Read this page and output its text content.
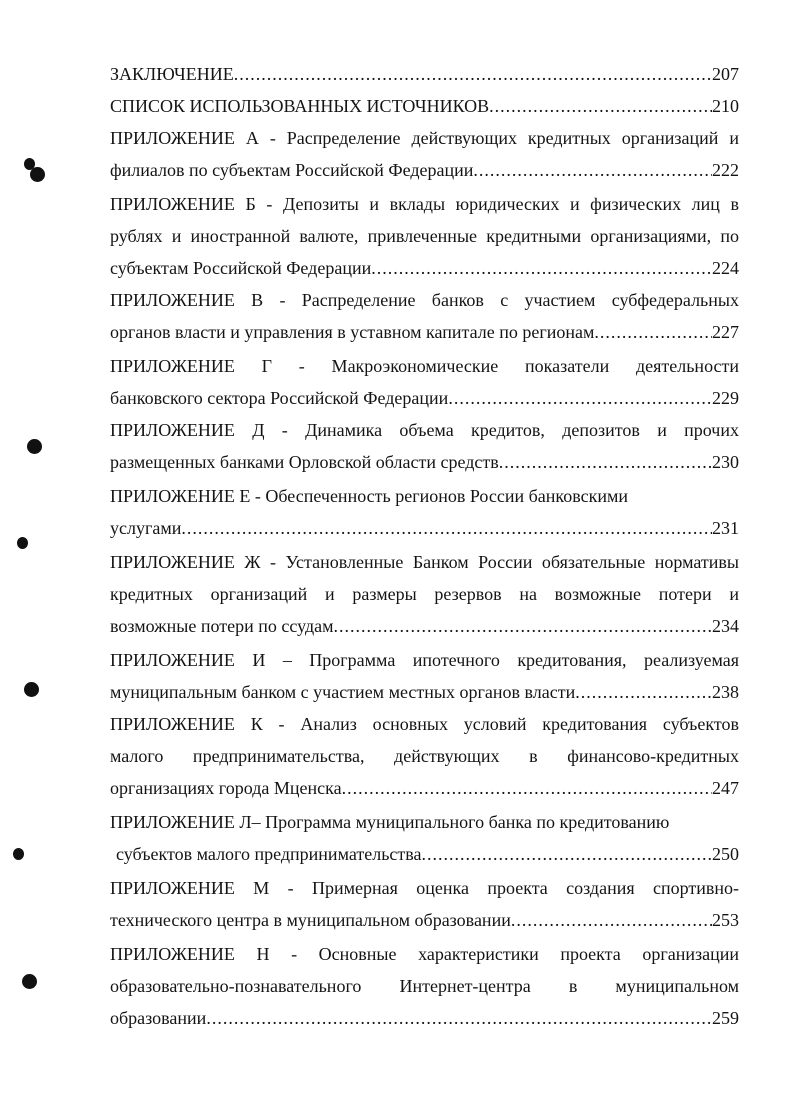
ЗАКЛЮЧЕНИЕ .....	207
СПИСОК ИСПОЛЬЗОВАННЫХ ИСТОЧНИКОВ .....	210
ПРИЛОЖЕНИЕ А - Распределение действующих кредитных организаций и
филиалов по субъектам Российской Федерации .....	222
ПРИЛОЖЕНИЕ Б - Депозиты и вклады юридических и физических лиц в
рублях и иностранной валюте, привлеченные кредитными организациями, по
субъектам Российской Федерации .....	224
ПРИЛОЖЕНИЕ В - Распределение банков с участием субфедеральных
органов власти и управления в уставном капитале по регионам .....	227
ПРИЛОЖЕНИЕ Г - Макроэкономические показатели деятельности
банковского сектора Российской Федерации .....	229
ПРИЛОЖЕНИЕ Д - Динамика объема кредитов, депозитов и прочих
размещенных банками Орловской области средств .....	230
ПРИЛОЖЕНИЕ Е - Обеспеченность регионов России банковскими
услугами .....	231
ПРИЛОЖЕНИЕ Ж - Установленные Банком России обязательные нормативы
кредитных организаций и размеры резервов на возможные потери и
возможные потери по ссудам .....	234
ПРИЛОЖЕНИЕ И – Программа ипотечного кредитования, реализуемая
муниципальным банком с участием местных органов власти .....	238
ПРИЛОЖЕНИЕ К - Анализ основных условий кредитования субъектов
малого предпринимательства, действующих в финансово-кредитных
организациях города Мценска .....	247
ПРИЛОЖЕНИЕ Л– Программа муниципального банка по кредитованию
субъектов малого предпринимательства .....	250
ПРИЛОЖЕНИЕ М - Примерная оценка проекта создания спортивно-
технического центра в муниципальном образовании .....	253
ПРИЛОЖЕНИЕ Н - Основные характеристики проекта организации
образовательно-познавательного Интернет-центра в муниципальном
образовании .....	259
